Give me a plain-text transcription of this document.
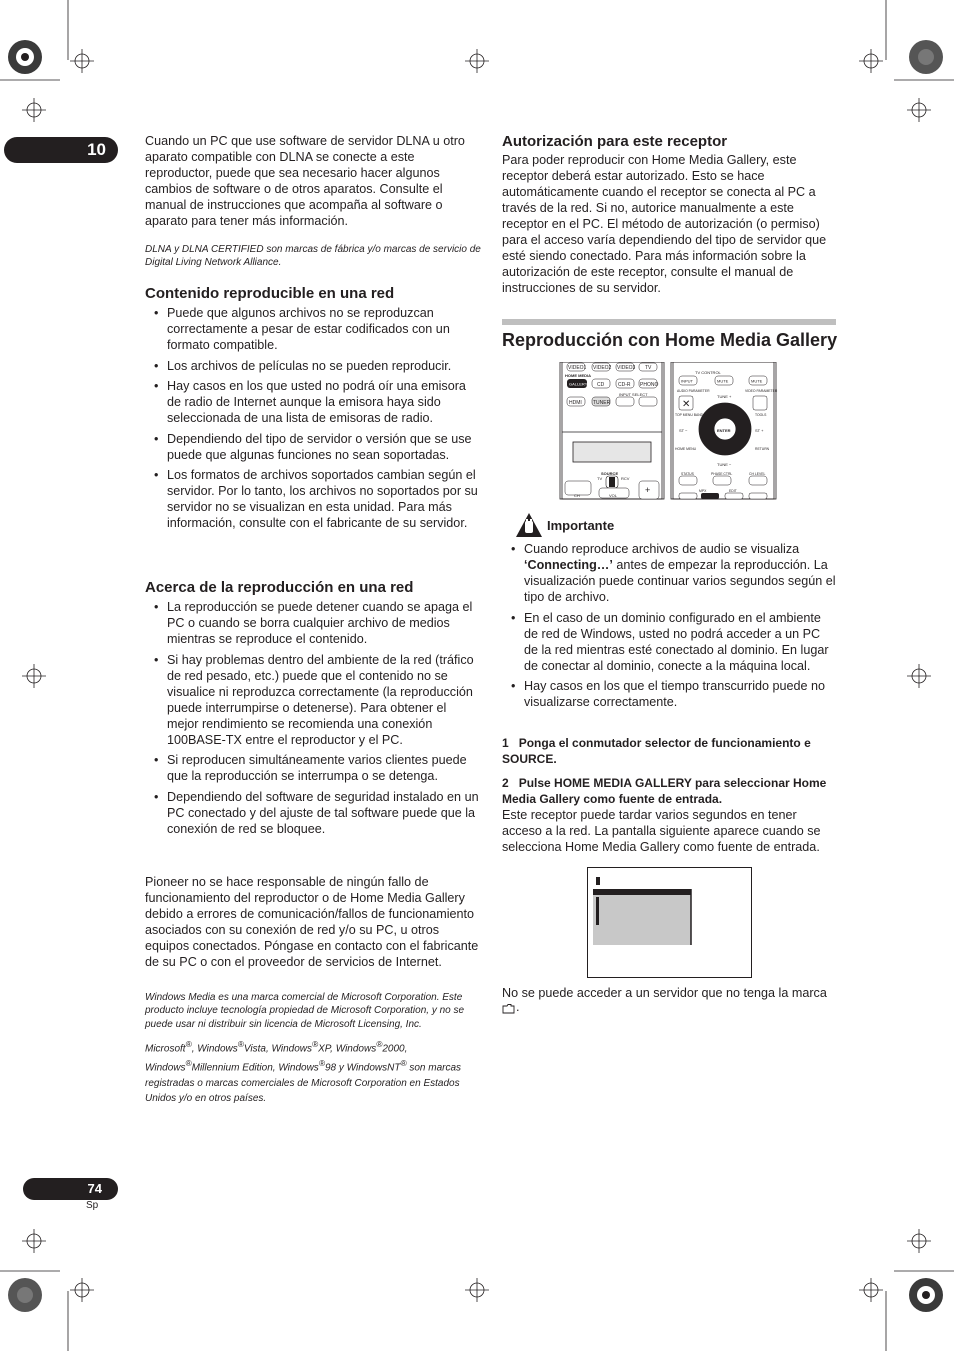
10
74
Sp
Cuando un PC que use software de servidor DLNA u otro aparato compatible con DLNA se conecte a este reproductor, puede que sea necesario hacer algunos cambios de software o de otros aparatos. Consulte el manual de instrucciones que acompaña al software o aparato para tener más información.
DLNA y DLNA CERTIFIED son marcas de fábrica y/o marcas de servicio de Digital Living Network Alliance.
Contenido reproducible en una red
• Puede que algunos archivos no se reproduzcan correctamente a pesar de estar codificados con un formato compatible.
• Los archivos de películas no se pueden reproducir.
• Hay casos en los que usted no podrá oír una emisora de radio de Internet aunque la emisora haya sido seleccionada de una lista de emisoras de radio.
• Dependiendo del tipo de servidor o versión que se use puede que algunas funciones no sean soportadas.
• Los formatos de archivos soportados cambian según el servidor. Por lo tanto, los archivos no soportados por su servidor no se visualizan en esta unidad. Para más información, consulte con el fabricante de su servidor.
Acerca de la reproducción en una red
• La reproducción se puede detener cuando se apaga el PC o cuando se borra cualquier archivo de medios mientras se reproduce el contenido.
• Si hay problemas dentro del ambiente de la red (tráfico de red pesado, etc.) puede que el contenido no se visualice ni reproduzca correctamente (la reproducción puede interrumpirse o detenerse). Para obtener el mejor rendimiento se recomienda una conexión 100BASE-TX entre el reproductor y el PC.
• Si reproducen simultáneamente varios clientes puede que la reproducción se interrumpa o se detenga.
• Dependiendo del software de seguridad instalado en un PC conectado y del ajuste de tal software puede que la conexión de red se bloquee.
Pioneer no se hace responsable de ningún fallo de funcionamiento del reproductor o de Home Media Gallery debido a errores de comunicación/fallos de funcionamiento asociados con su conexión de red y/o su PC, u otros equipos conectados. Póngase en contacto con el fabricante de su PC o con el proveedor de servicios de Internet.
Windows Media es una marca comercial de Microsoft Corporation. Este producto incluye tecnología propiedad de Microsoft Corporation, y no se puede usar ni distribuir sin licencia de Microsoft Licensing, Inc.
Microsoft®, Windows®Vista, Windows®XP, Windows®2000, Windows®Millennium Edition, Windows®98 y WindowsNT® son marcas registradas o marcas comerciales de Microsoft Corporation en Estados Unidos y/o en otros países.
Autorización para este receptor
Para poder reproducir con Home Media Gallery, este receptor deberá estar autorizado. Esto se hace automáticamente cuando el receptor se conecta al PC a través de la red. Si no, autorice manualmente a este receptor en el PC. El método de autorización (o permiso) para el acceso varía dependiendo del tipo de servidor que esté siendo conectado. Para más información sobre la autorización de este receptor, consulte el manual de instrucciones de su servidor.
Reproducción con Home Media Gallery
VIDEO1 VIDEO2 VIDEO3 TV
HOME MEDIA
GALLERY CD	CD-R PHONO
INPUT SELECT
HDMI TUNER
SOURCE
TV	RCV
CH	VOL
+
TV CONTROL
INPUT	MUTE	MUTE
AUDIO PARAMETER	VIDEO PARAMETER
✕
TUNE +
TUNE −
ST −	ST +
ENTER
TOP MENU BAND	TOOLS
RETURN
HOME MENU
STATUS	PHASE CTRL	CH LEVEL
MPX	EDIT
Importante
• Cuando reproduce archivos de audio se visualiza ‘Connecting…’ antes de empezar la reproducción. La visualización puede continuar varios segundos según el tipo de archivo.
• En el caso de un dominio configurado en el ambiente de red de Windows, usted no podrá acceder a un PC de la red mientras esté conectado al dominio. En lugar de conectar al dominio, conecte a la máquina local.
• Hay casos en los que el tiempo transcurrido puede no visualizarse correctamente.
1 Ponga el conmutador selector de funcionamiento e SOURCE.
2 Pulse HOME MEDIA GALLERY para seleccionar Home Media Gallery como fuente de entrada.
Este receptor puede tardar varios segundos en tener acceso a la red. La pantalla siguiente aparece cuando se selecciona Home Media Gallery como fuente de entrada.
No se puede acceder a un servidor que no tenga la marca
.
